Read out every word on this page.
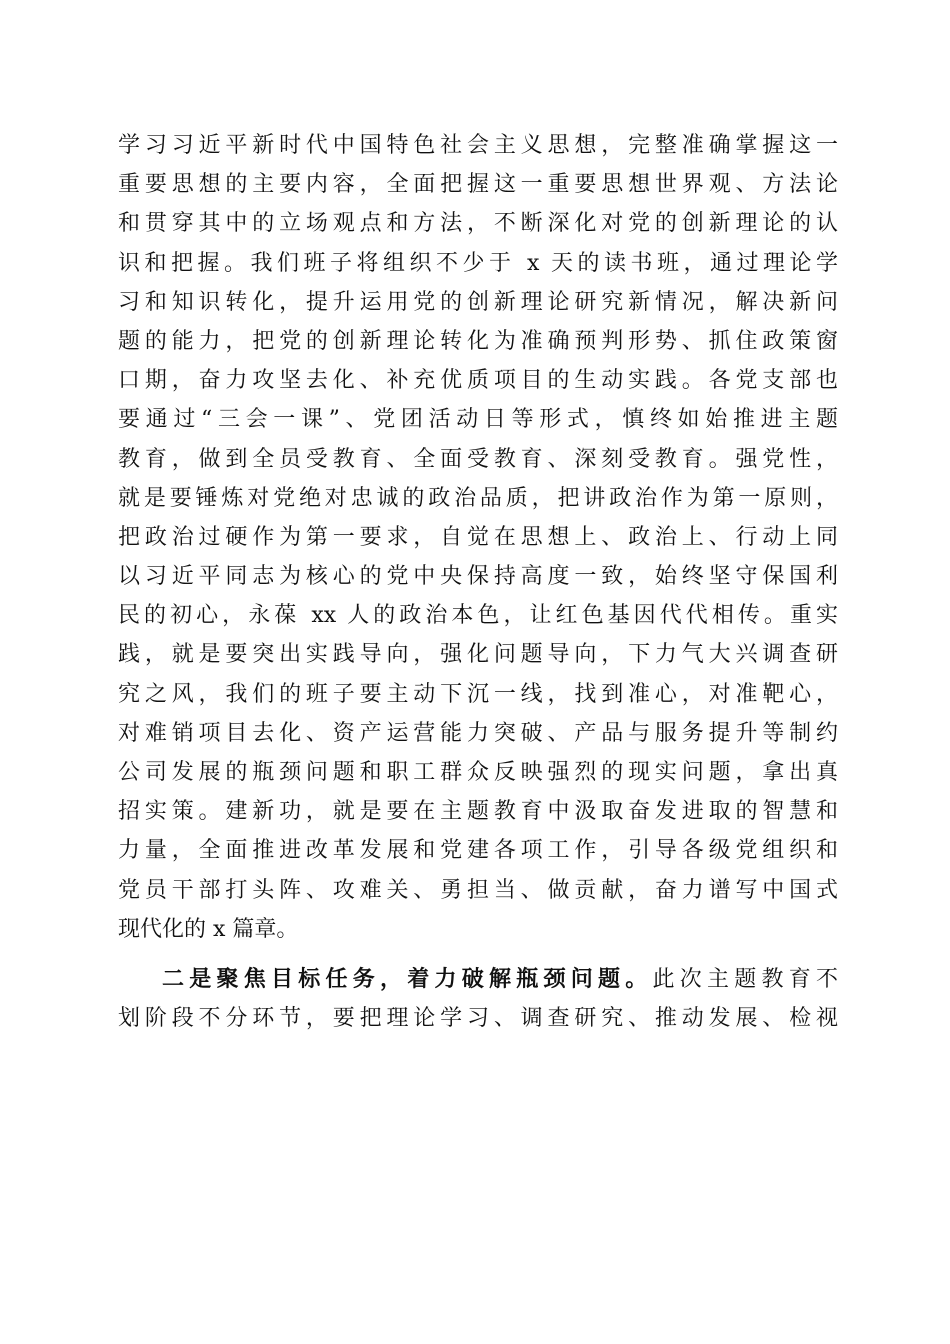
学习习近平新时代中国特色社会主义思想，完整准确掌握这一
重要思想的主要内容，全面把握这一重要思想世界观、方法论
和贯穿其中的立场观点和方法，不断深化对党的创新理论的认
识和把握。我们班子将组织不少于 x 天的读书班，通过理论学
习和知识转化，提升运用党的创新理论研究新情况，解决新问
题的能力，把党的创新理论转化为准确预判形势、抓住政策窗
口期，奋力攻坚去化、补充优质项目的生动实践。各党支部也
要通过“三会一课”、党团活动日等形式，慎终如始推进主题
教育，做到全员受教育、全面受教育、深刻受教育。强党性，
就是要锤炼对党绝对忠诚的政治品质，把讲政治作为第一原则，
把政治过硬作为第一要求，自觉在思想上、政治上、行动上同
以习近平同志为核心的党中央保持高度一致，始终坚守保国利
民的初心，永葆 xx 人的政治本色，让红色基因代代相传。重实
践，就是要突出实践导向，强化问题导向，下力气大兴调查研
究之风，我们的班子要主动下沉一线，找到准心，对准靶心，
对难销项目去化、资产运营能力突破、产品与服务提升等制约
公司发展的瓶颈问题和职工群众反映强烈的现实问题，拿出真
招实策。建新功，就是要在主题教育中汲取奋发进取的智慧和
力量，全面推进改革发展和党建各项工作，引导各级党组织和
党员干部打头阵、攻难关、勇担当、做贡献，奋力谱写中国式
现代化的 x 篇章。
二是聚焦目标任务，着力破解瓶颈问题。此次主题教育不
划阶段不分环节，要把理论学习、调查研究、推动发展、检视
